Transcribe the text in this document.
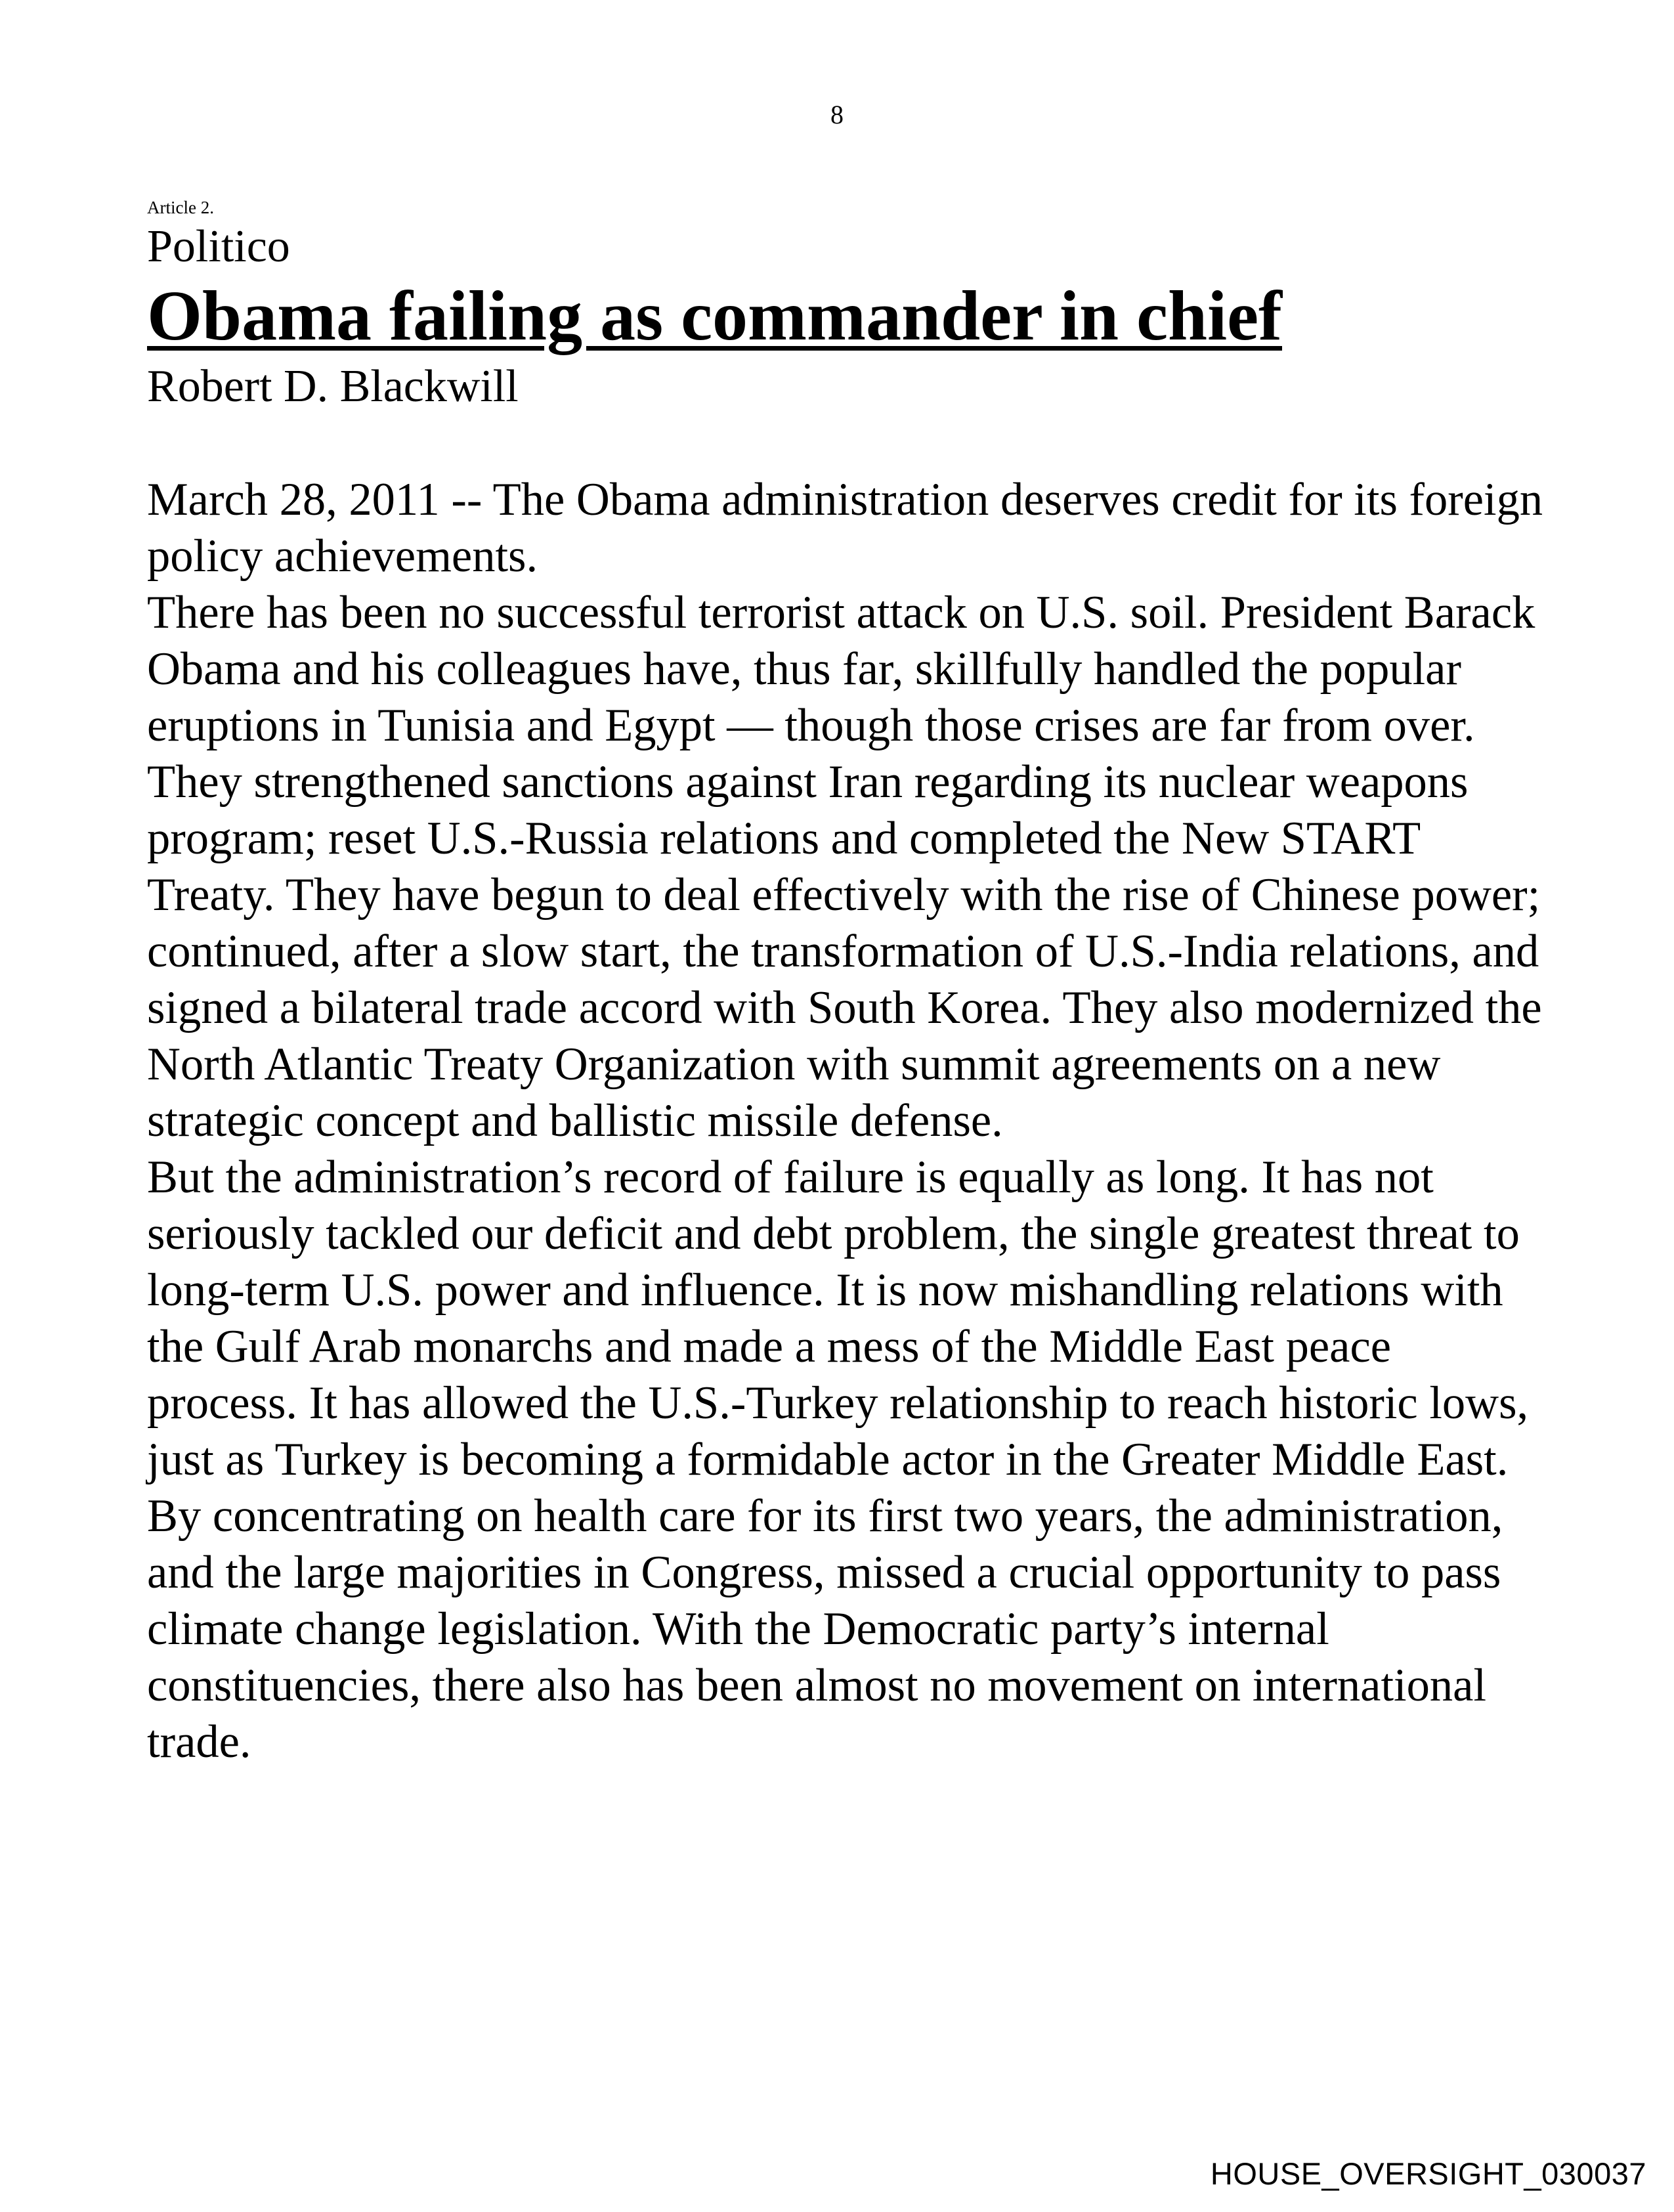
8

Article 2.

Politico

Obama failing as commander in chief

Robert D. Blackwill

March 28, 2011 -- The Obama administration deserves credit for its foreign policy achievements.

There has been no successful terrorist attack on U.S. soil. President Barack Obama and his colleagues have, thus far, skillfully handled the popular eruptions in Tunisia and Egypt — though those crises are far from over. They strengthened sanctions against Iran regarding its nuclear weapons program; reset U.S.-Russia relations and completed the New START Treaty. They have begun to deal effectively with the rise of Chinese power; continued, after a slow start, the transformation of U.S.-India relations, and signed a bilateral trade accord with South Korea. They also modernized the North Atlantic Treaty Organization with summit agreements on a new strategic concept and ballistic missile defense.

But the administration’s record of failure is equally as long. It has not seriously tackled our deficit and debt problem, the single greatest threat to long-term U.S. power and influence. It is now mishandling relations with the Gulf Arab monarchs and made a mess of the Middle East peace process. It has allowed the U.S.-Turkey relationship to reach historic lows, just as Turkey is becoming a formidable actor in the Greater Middle East.

By concentrating on health care for its first two years, the administration, and the large majorities in Congress, missed a crucial opportunity to pass climate change legislation. With the Democratic party’s internal constituencies, there also has been almost no movement on international trade.

HOUSE_OVERSIGHT_030037
